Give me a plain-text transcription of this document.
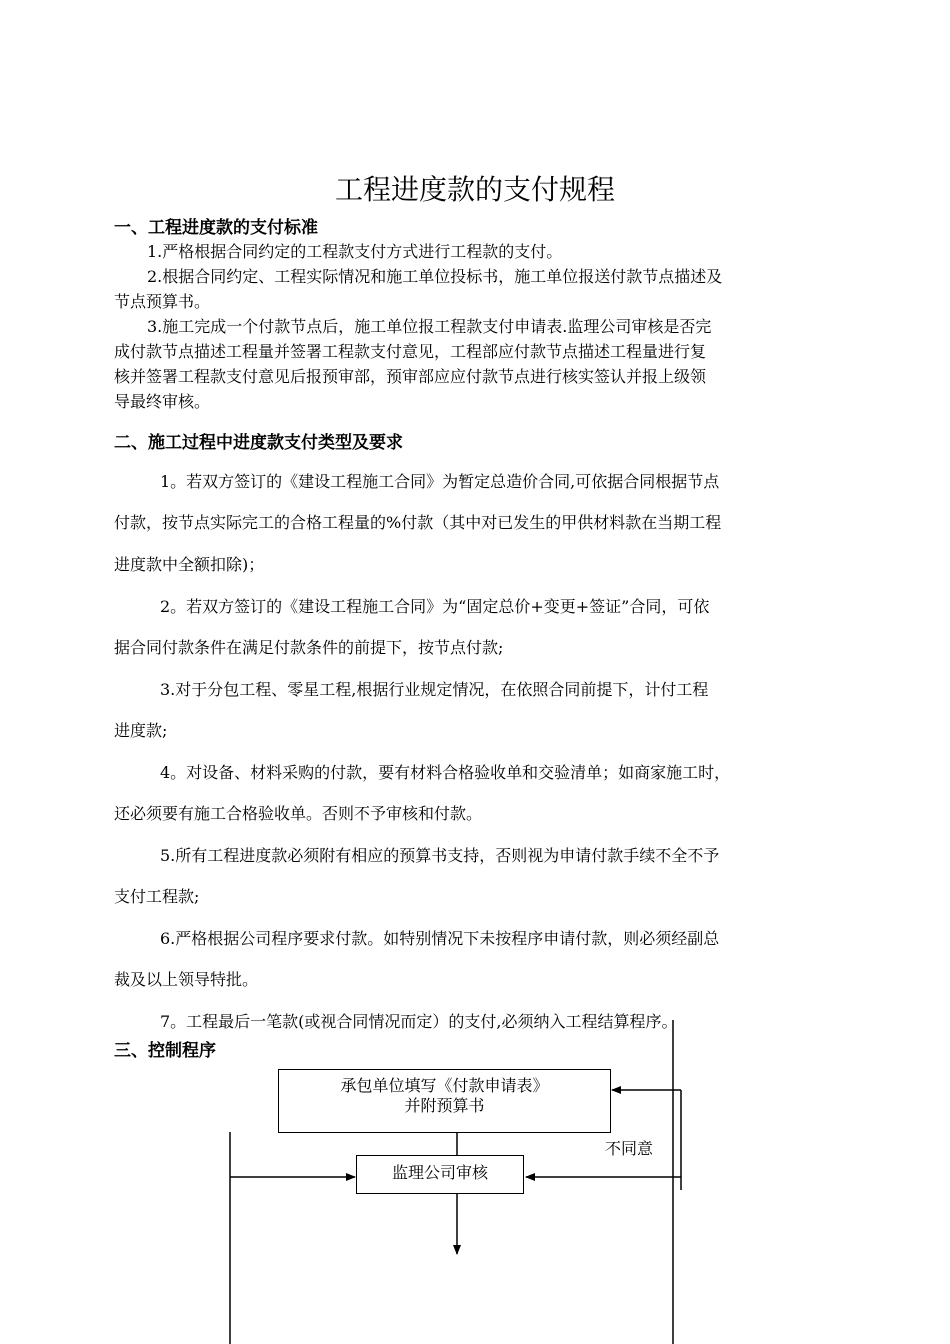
工程进度款的支付规程
一、工程进度款的支付标准
1.严格根据合同约定的工程款支付方式进行工程款的支付。
2.根据合同约定、工程实际情况和施工单位投标书，施工单位报送付款节点描述及
节点预算书。
3.施工完成一个付款节点后，施工单位报工程款支付申请表.监理公司审核是否完
成付款节点描述工程量并签署工程款支付意见，工程部应付款节点描述工程量进行复
核并签署工程款支付意见后报预审部，预审部应应付款节点进行核实签认并报上级领
导最终审核。
二、施工过程中进度款支付类型及要求
1。若双方签订的《建设工程施工合同》为暂定总造价合同,可依据合同根据节点
付款，按节点实际完工的合格工程量的%付款（其中对已发生的甲供材料款在当期工程
进度款中全额扣除)；
2。若双方签订的《建设工程施工合同》为“固定总价+变更+签证”合同，可依
据合同付款条件在满足付款条件的前提下，按节点付款;
3.对于分包工程、零星工程,根据行业规定情况，在依照合同前提下，计付工程
进度款;
4。对设备、材料采购的付款，要有材料合格验收单和交验清单；如商家施工时，
还必须要有施工合格验收单。否则不予审核和付款。
5.所有工程进度款必须附有相应的预算书支持，否则视为申请付款手续不全不予
支付工程款;
6.严格根据公司程序要求付款。如特别情况下未按程序申请付款，则必须经副总
裁及以上领导特批。
7。工程最后一笔款(或视合同情况而定）的支付,必须纳入工程结算程序。
三、控制程序
承包单位填写《付款申请表》
并附预算书
监理公司审核
不同意
